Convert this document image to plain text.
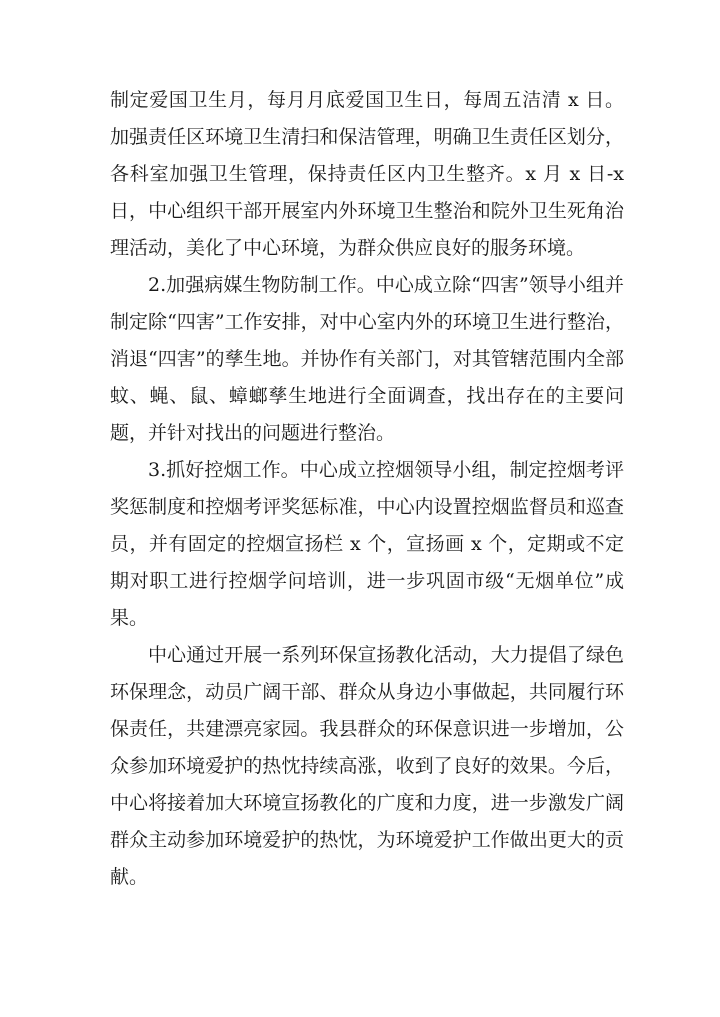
制定爱国卫生月，每月月底爱国卫生日，每周五洁清 x 日。加强责任区环境卫生清扫和保洁管理，明确卫生责任区划分，各科室加强卫生管理，保持责任区内卫生整齐。x 月 x 日-x 日，中心组织干部开展室内外环境卫生整治和院外卫生死角治理活动，美化了中心环境，为群众供应良好的服务环境。

2.加强病媒生物防制工作。中心成立除“四害”领导小组并制定除“四害”工作安排，对中心室内外的环境卫生进行整治，消退“四害”的孳生地。并协作有关部门，对其管辖范围内全部蚊、蝇、鼠、蟑螂孳生地进行全面调查，找出存在的主要问题，并针对找出的问题进行整治。

3.抓好控烟工作。中心成立控烟领导小组，制定控烟考评奖惩制度和控烟考评奖惩标准，中心内设置控烟监督员和巡查员，并有固定的控烟宣扬栏 x 个，宣扬画 x 个，定期或不定期对职工进行控烟学问培训，进一步巩固市级“无烟单位”成果。

中心通过开展一系列环保宣扬教化活动，大力提倡了绿色环保理念，动员广阔干部、群众从身边小事做起，共同履行环保责任，共建漂亮家园。我县群众的环保意识进一步增加，公众参加环境爱护的热忱持续高涨，收到了良好的效果。今后，中心将接着加大环境宣扬教化的广度和力度，进一步激发广阔群众主动参加环境爱护的热忱，为环境爱护工作做出更大的贡献。
